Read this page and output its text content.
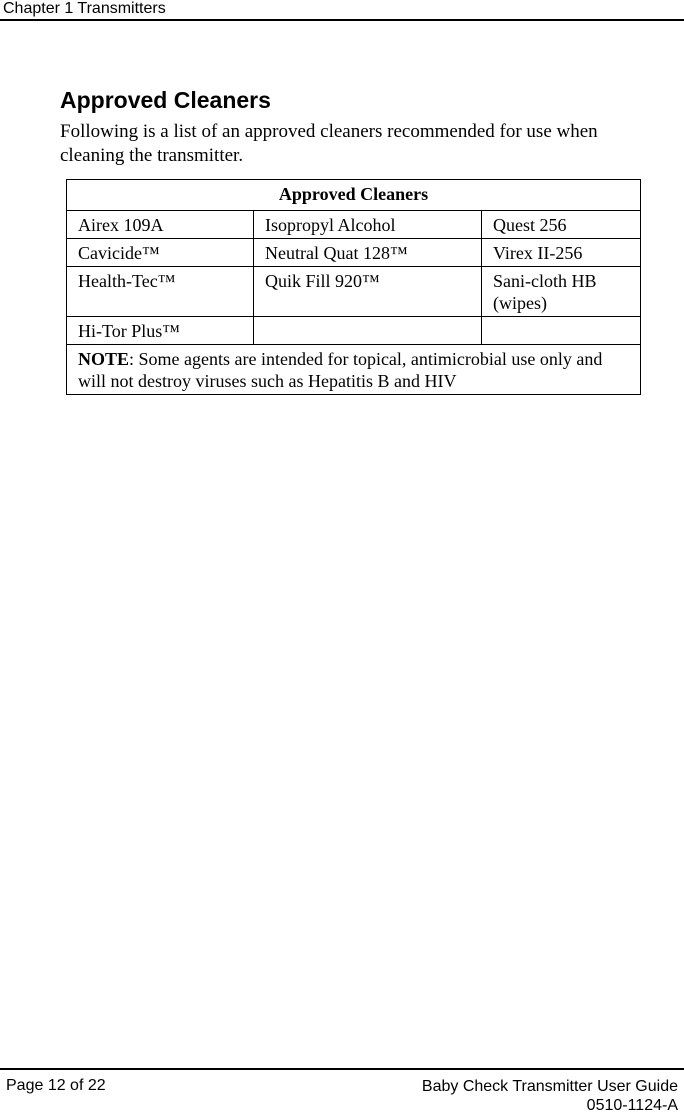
Chapter 1 Transmitters
Approved Cleaners
Following is a list of an approved cleaners recommended for use when cleaning the transmitter.
Approved Cleaners		
Airex 109A	Isopropyl Alcohol	Quest 256
Cavicide™	Neutral Quat 128™	Virex II-256
Health-Tec™	Quik Fill 920™	Sani-cloth HB (wipes)
Hi-Tor Plus™		
NOTE: Some agents are intended for topical, antimicrobial use only and will not destroy viruses such as Hepatitis B and HIV		
Page 12 of 22	Baby Check Transmitter User Guide
0510-1124-A
